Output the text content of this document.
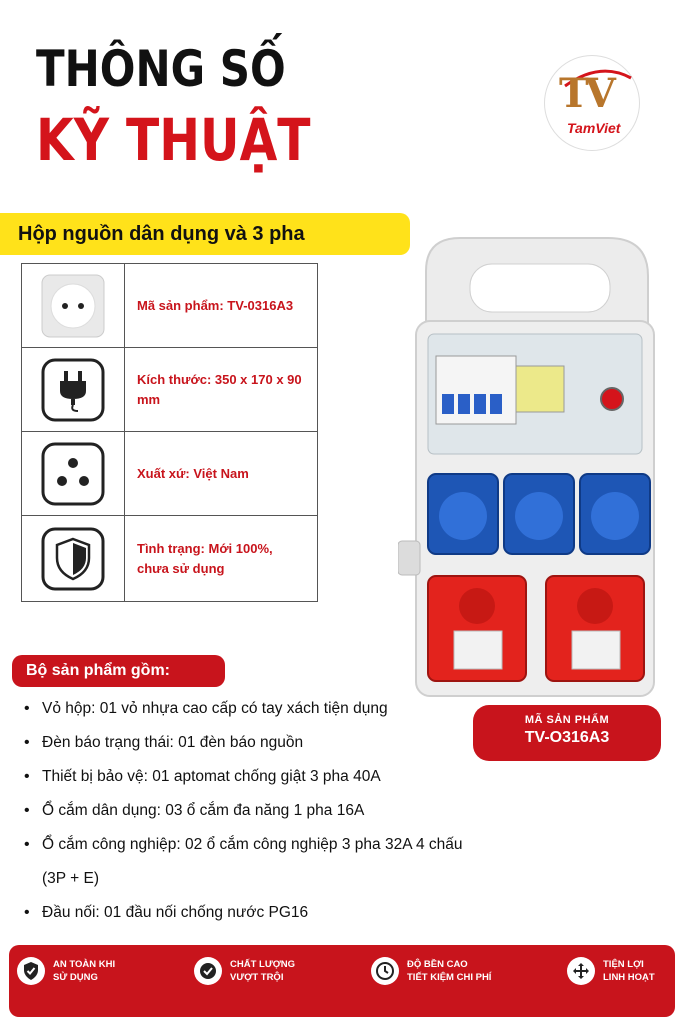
THÔNG SỐ
KỸ THUẬT
TV
TamViet
Hộp nguồn dân dụng và 3 pha
Mã sản phẩm: TV-0316A3
Kích thước: 350 x 170 x 90 mm
Xuất xứ: Việt Nam
Tình trạng: Mới 100%, chưa sử dụng
MÃ SẢN PHẨM
TV-O316A3
Bộ sản phẩm gồm:
• Vỏ hộp: 01 vỏ nhựa cao cấp có tay xách tiện dụng
• Đèn báo trạng thái: 01 đèn báo nguồn
• Thiết bị bảo vệ: 01 aptomat chống giật 3 pha 40A
• Ổ cắm dân dụng: 03 ổ cắm đa năng 1 pha 16A
• Ổ cắm công nghiệp: 02 ổ cắm công nghiệp 3 pha 32A 4 chấu (3P + E)
• Đầu nối: 01 đầu nối chống nước PG16
AN TOÀN KHI
SỬ DỤNG
CHẤT LƯỢNG
VƯỢT TRỘI
ĐỘ BỀN CAO
TIẾT KIỆM CHI PHÍ
TIỆN LỢI
LINH HOẠT
